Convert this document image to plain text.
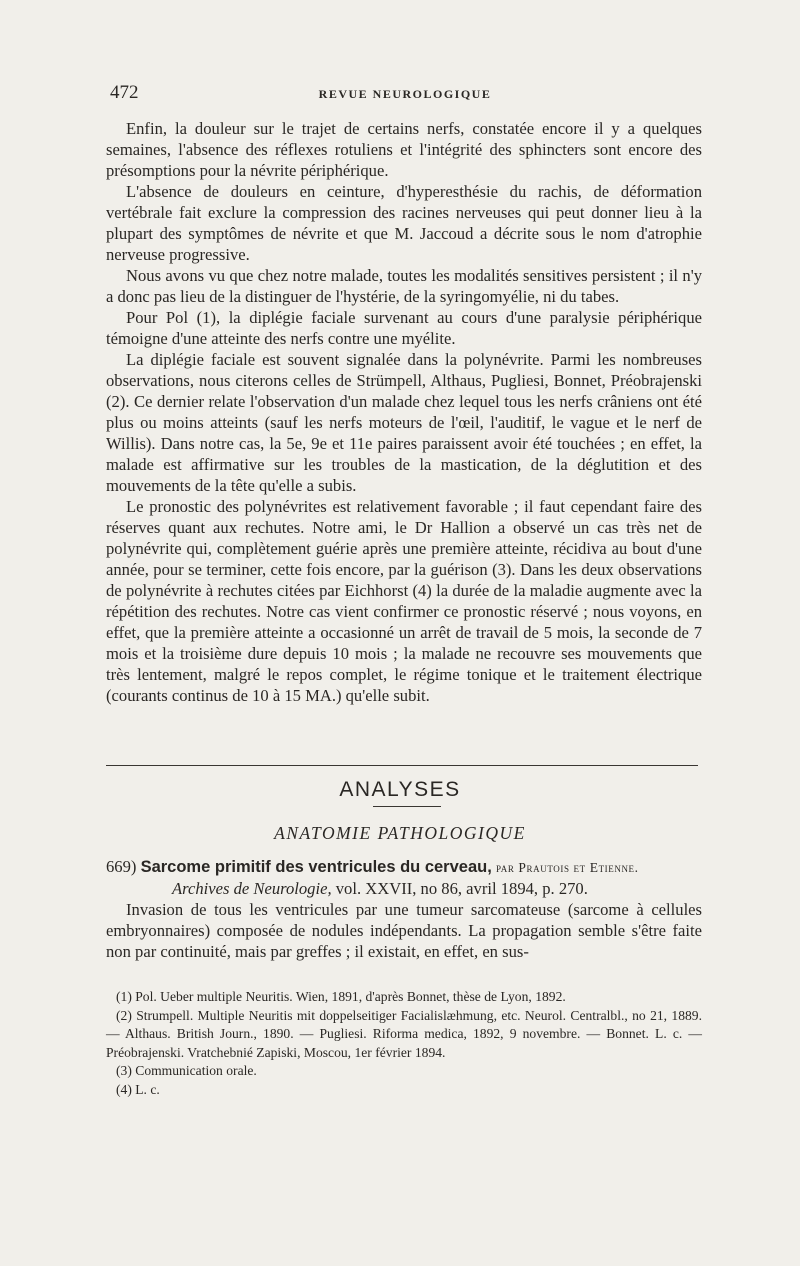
472	REVUE NEUROLOGIQUE

Enfin, la douleur sur le trajet de certains nerfs, constatée encore il y a quelques semaines, l'absence des réflexes rotuliens et l'intégrité des sphincters sont encore des présomptions pour la névrite périphérique.

L'absence de douleurs en ceinture, d'hyperesthésie du rachis, de déformation vertébrale fait exclure la compression des racines nerveuses qui peut donner lieu à la plupart des symptômes de névrite et que M. Jaccoud a décrite sous le nom d'atrophie nerveuse progressive.

Nous avons vu que chez notre malade, toutes les modalités sensitives persistent ; il n'y a donc pas lieu de la distinguer de l'hystérie, de la syringomyélie, ni du tabes.

Pour Pol (1), la diplégie faciale survenant au cours d'une paralysie périphérique témoigne d'une atteinte des nerfs contre une myélite.

La diplégie faciale est souvent signalée dans la polynévrite. Parmi les nombreuses observations, nous citerons celles de Strümpell, Althaus, Pugliesi, Bonnet, Préobrajenski (2). Ce dernier relate l'observation d'un malade chez lequel tous les nerfs crâniens ont été plus ou moins atteints (sauf les nerfs moteurs de l'œil, l'auditif, le vague et le nerf de Willis). Dans notre cas, la 5e, 9e et 11e paires paraissent avoir été touchées ; en effet, la malade est affirmative sur les troubles de la mastication, de la déglutition et des mouvements de la tête qu'elle a subis.

Le pronostic des polynévrites est relativement favorable ; il faut cependant faire des réserves quant aux rechutes. Notre ami, le Dr Hallion a observé un cas très net de polynévrite qui, complètement guérie après une première atteinte, récidiva au bout d'une année, pour se terminer, cette fois encore, par la guérison (3). Dans les deux observations de polynévrite à rechutes citées par Eichhorst (4) la durée de la maladie augmente avec la répétition des rechutes. Notre cas vient confirmer ce pronostic réservé ; nous voyons, en effet, que la première atteinte a occasionné un arrêt de travail de 5 mois, la seconde de 7 mois et la troisième dure depuis 10 mois ; la malade ne recouvre ses mouvements que très lentement, malgré le repos complet, le régime tonique et le traitement électrique (courants continus de 10 à 15 MA.) qu'elle subit.

ANALYSES
ANATOMIE PATHOLOGIQUE

669) Sarcome primitif des ventricules du cerveau, par Prautois et Etienne.

Archives de Neurologie, vol. XXVII, no 86, avril 1894, p. 270.

Invasion de tous les ventricules par une tumeur sarcomateuse (sarcome à cellules embryonnaires) composée de nodules indépendants. La propagation semble s'être faite non par continuité, mais par greffes ; il existait, en effet, en sus-

(1) Pol. Ueber multiple Neuritis. Wien, 1891, d'après Bonnet, thèse de Lyon, 1892.

(2) Strumpell. Multiple Neuritis mit doppelseitiger Facialislæhmung, etc. Neurol. Centralbl., no 21, 1889. — Althaus. British Journ., 1890. — Pugliesi. Riforma medica, 1892, 9 novembre. — Bonnet. L. c. — Préobrajenski. Vratchebnié Zapiski, Moscou, 1er février 1894.

(3) Communication orale.

(4) L. c.
